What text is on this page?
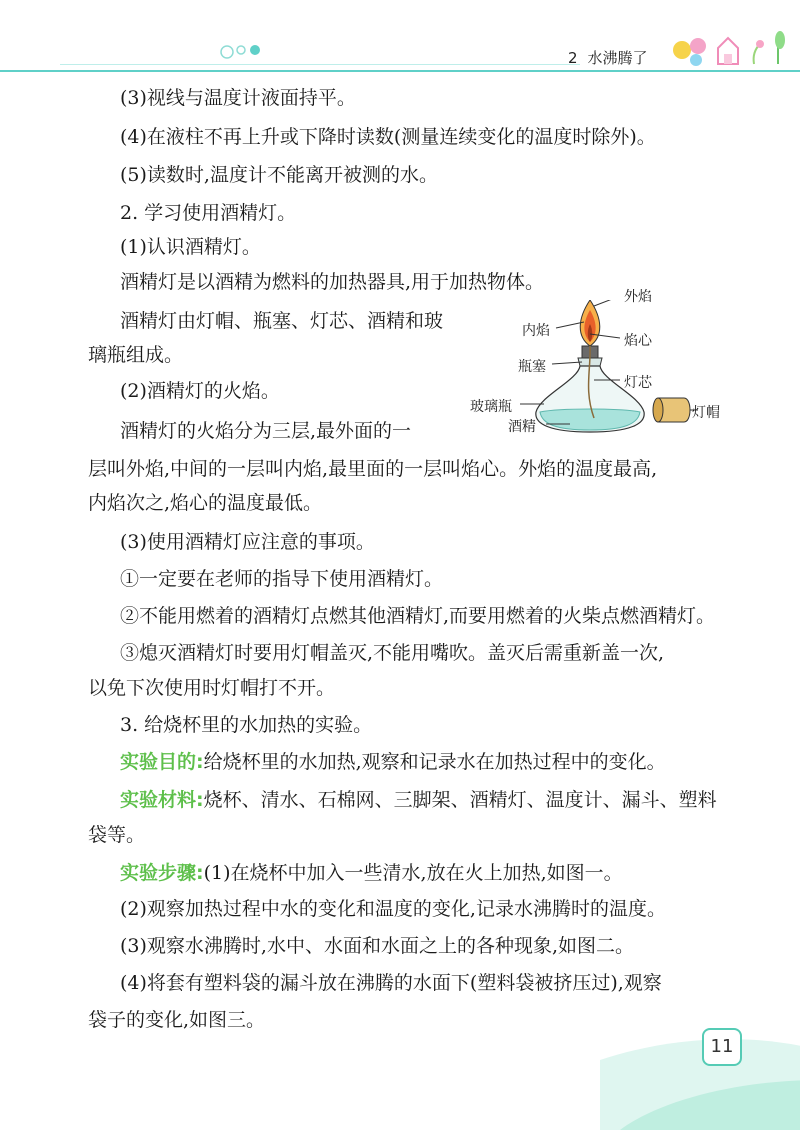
2 水沸腾了
(3)视线与温度计液面持平。
(4)在液柱不再上升或下降时读数(测量连续变化的温度时除外)。
(5)读数时,温度计不能离开被测的水。
2. 学习使用酒精灯。
(1)认识酒精灯。
酒精灯是以酒精为燃料的加热器具,用于加热物体。
酒精灯由灯帽、瓶塞、灯芯、酒精和玻
璃瓶组成。
(2)酒精灯的火焰。
酒精灯的火焰分为三层,最外面的一
层叫外焰,中间的一层叫内焰,最里面的一层叫焰心。外焰的温度最高,
内焰次之,焰心的温度最低。
(3)使用酒精灯应注意的事项。
①一定要在老师的指导下使用酒精灯。
②不能用燃着的酒精灯点燃其他酒精灯,而要用燃着的火柴点燃酒精灯。
③熄灭酒精灯时要用灯帽盖灭,不能用嘴吹。盖灭后需重新盖一次,
以免下次使用时灯帽打不开。
3. 给烧杯里的水加热的实验。
实验目的:给烧杯里的水加热,观察和记录水在加热过程中的变化。
实验材料:烧杯、清水、石棉网、三脚架、酒精灯、温度计、漏斗、塑料
袋等。
实验步骤:(1)在烧杯中加入一些清水,放在火上加热,如图一。
(2)观察加热过程中水的变化和温度的变化,记录水沸腾时的温度。
(3)观察水沸腾时,水中、水面和水面之上的各种现象,如图二。
(4)将套有塑料袋的漏斗放在沸腾的水面下(塑料袋被挤压过),观察
袋子的变化,如图三。
外焰
内焰
焰心
瓶塞
灯芯
玻璃瓶
酒精
灯帽
11
